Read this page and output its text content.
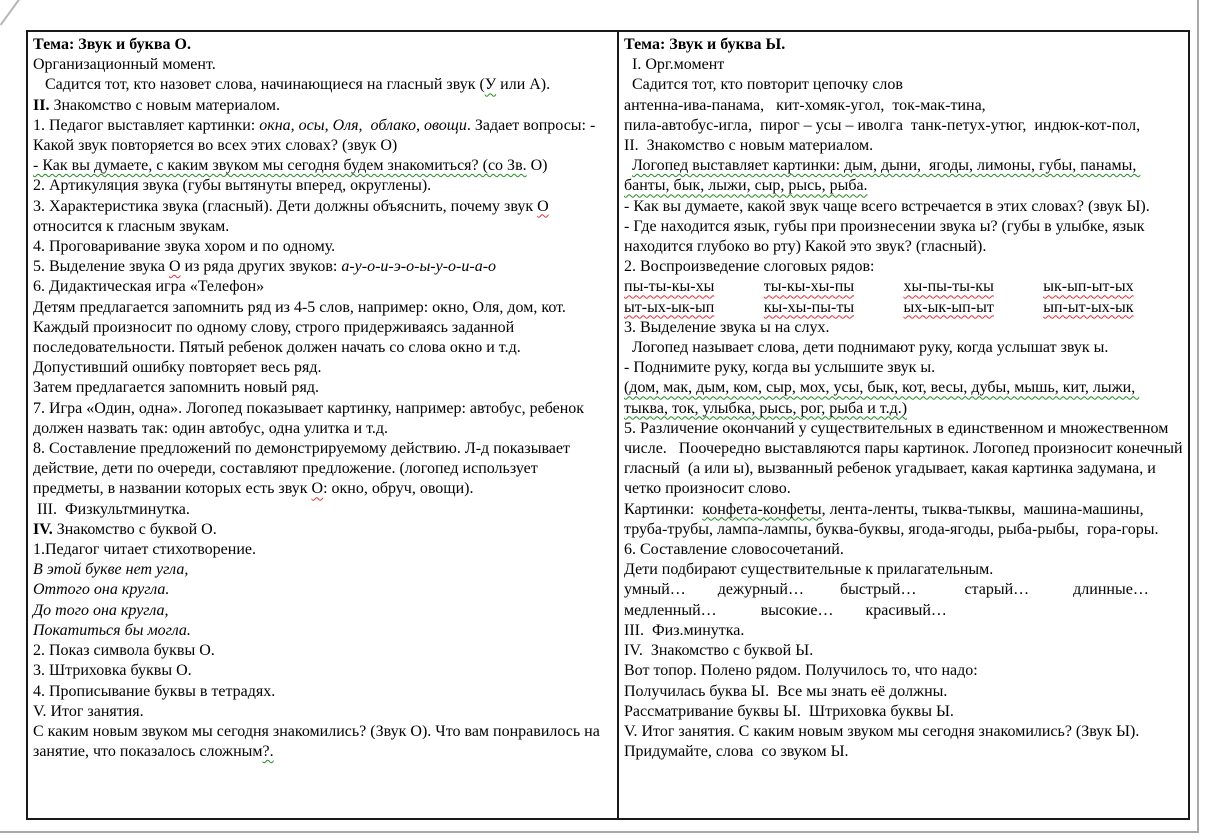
Тема: Звук и буква О.

Организационный момент.

Садится тот, кто назовет слова, начинающиеся на гласный звук (У или А).

II. Знакомство с новым материалом.

1. Педагог выставляет картинки: окна, осы, Оля,  облако, овощи. Задает вопросы: - Какой звук повторяется во всех этих словах? (звук О)

- Как вы думаете, с каким звуком мы сегодня будем знакомиться? (со Зв. О)

2. Артикуляция звука (губы вытянуты вперед, округлены).

3. Характеристика звука (гласный). Дети должны объяснить, почему звук О относится к гласным звукам.

4. Проговаривание звука хором и по одному.

5. Выделение звука О из ряда других звуков: а-у-о-и-э-о-ы-у-о-и-а-о

6. Дидактическая игра «Телефон»

Детям предлагается запомнить ряд из 4-5 слов, например: окно, Оля, дом, кот. Каждый произносит по одному слову, строго придерживаясь заданной последовательности. Пятый ребенок должен начать со слова окно и т.д.

Допустивший ошибку повторяет весь ряд.

Затем предлагается запомнить новый ряд.

7. Игра «Один, одна». Логопед показывает картинку, например: автобус, ребенок должен назвать так: один автобус, одна улитка и т.д.

8. Составление предложений по демонстрируемому действию. Л-д показывает действие, дети по очереди, составляют предложение. (логопед использует предметы, в названии которых есть звук О: окно, обруч, овощи).

III.  Физкультминутка.

IV. Знакомство с буквой О.

1.Педагог читает стихотворение.

В этой букве нет угла,

Оттого она кругла.

До того она кругла,

Покатиться бы могла.

2. Показ символа буквы О.

3. Штриховка буквы О.

4. Прописывание буквы в тетрадях.

V. Итог занятия.

С каким новым звуком мы сегодня знакомились? (Звук О). Что вам понравилось на занятие, что показалось сложным?.

Тема: Звук и буква Ы.

I. Орг.момент

Садится тот, кто повторит цепочку слов

антенна-ива-панама,   кит-хомяк-угол,  ток-мак-тина,

пила-автобус-игла,  пирог – усы – иволга  танк-петух-утюг,  индюк-кот-пол,

II.  Знакомство с новым материалом.

Логопед выставляет картинки: дым, дыни,  ягоды, лимоны, губы, панамы, банты, бык, лыжи, сыр, рысь, рыба.

- Как вы думаете, какой звук чаще всего встречается в этих словах? (звук Ы).

- Где находится язык, губы при произнесении звука ы? (губы в улыбке, язык находится глубоко во рту) Какой это звук? (гласный).

2. Воспроизведение слоговых рядов:

пы-ты-кы-хы	ты-кы-хы-пы	хы-пы-ты-кы	ык-ып-ыт-ых
ыт-ых-ык-ып	кы-хы-пы-ты	ых-ык-ып-ыт	ып-ыт-ых-ык

3. Выделение звука ы на слух.

Логопед называет слова, дети поднимают руку, когда услышат звук ы.

- Поднимите руку, когда вы услышите звук ы.

(дом, мак, дым, ком, сыр, мох, усы, бык, кот, весы, дубы, мышь, кит, лыжи, тыква, ток, улыбка, рысь, рог, рыба и т.д.)

5. Различение окончаний у существительных в единственном и множественном числе.   Поочередно выставляются пары картинок. Логопед произносит конечный гласный  (а или ы), вызванный ребенок угадывает, какая картинка задумана, и четко произносит слово.

Картинки:  конфета-конфеты, лента-ленты, тыква-тыквы,  машина-машины,  труба-трубы, лампа-лампы, буква-буквы, ягода-ягоды, рыба-рыбы,  гора-горы.

6. Составление словосочетаний.

Дети подбирают существительные к прилагательным.

умный…        дежурный…         быстрый…            старый…           длинные…

медленный…           высокие…        красивый…

III.  Физ.минутка.

IV.  Знакомство с буквой Ы.

Вот топор. Полено рядом. Получилось то, что надо:

Получилась буква Ы.  Все мы знать её должны.

Рассматривание буквы Ы.  Штриховка буквы Ы.

V. Итог занятия. С каким новым звуком мы сегодня знакомились? (Звук Ы). Придумайте, слова  со звуком Ы.
